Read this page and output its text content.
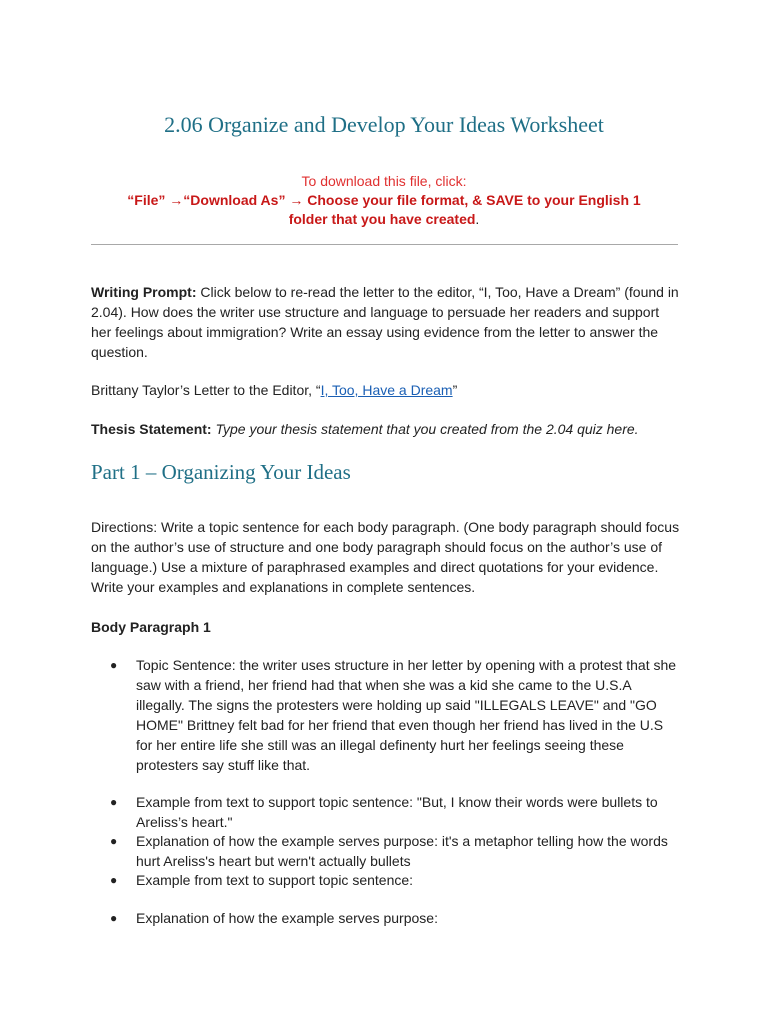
2.06 Organize and Develop Your Ideas Worksheet
To download this file, click:
“File” →“Download As” → Choose your file format, & SAVE to your English 1
folder that you have created.
Writing Prompt: Click below to re-read the letter to the editor, “I, Too, Have a Dream” (found in 2.04). How does the writer use structure and language to persuade her readers and support her feelings about immigration? Write an essay using evidence from the letter to answer the question.
Brittany Taylor’s Letter to the Editor, “I, Too, Have a Dream”
Thesis Statement: Type your thesis statement that you created from the 2.04 quiz here.
Part 1 – Organizing Your Ideas
Directions: Write a topic sentence for each body paragraph. (One body paragraph should focus on the author’s use of structure and one body paragraph should focus on the author’s use of language.) Use a mixture of paraphrased examples and direct quotations for your evidence. Write your examples and explanations in complete sentences.
Body Paragraph 1
● Topic Sentence: the writer uses structure in her letter by opening with a protest that she saw with a friend, her friend had that when she was a kid she came to the U.S.A illegally. The signs the protesters were holding up said "ILLEGALS LEAVE" and "GO HOME" Brittney felt bad for her friend that even though her friend has lived in the U.S for her entire life she still was an illegal definenty hurt her feelings seeing these protesters say stuff like that.
● Example from text to support topic sentence: "But, I know their words were bullets to Areliss’s heart."
● Explanation of how the example serves purpose: it's a metaphor telling how the words hurt Areliss's heart but wern't actually bullets
● Example from text to support topic sentence:
● Explanation of how the example serves purpose:
